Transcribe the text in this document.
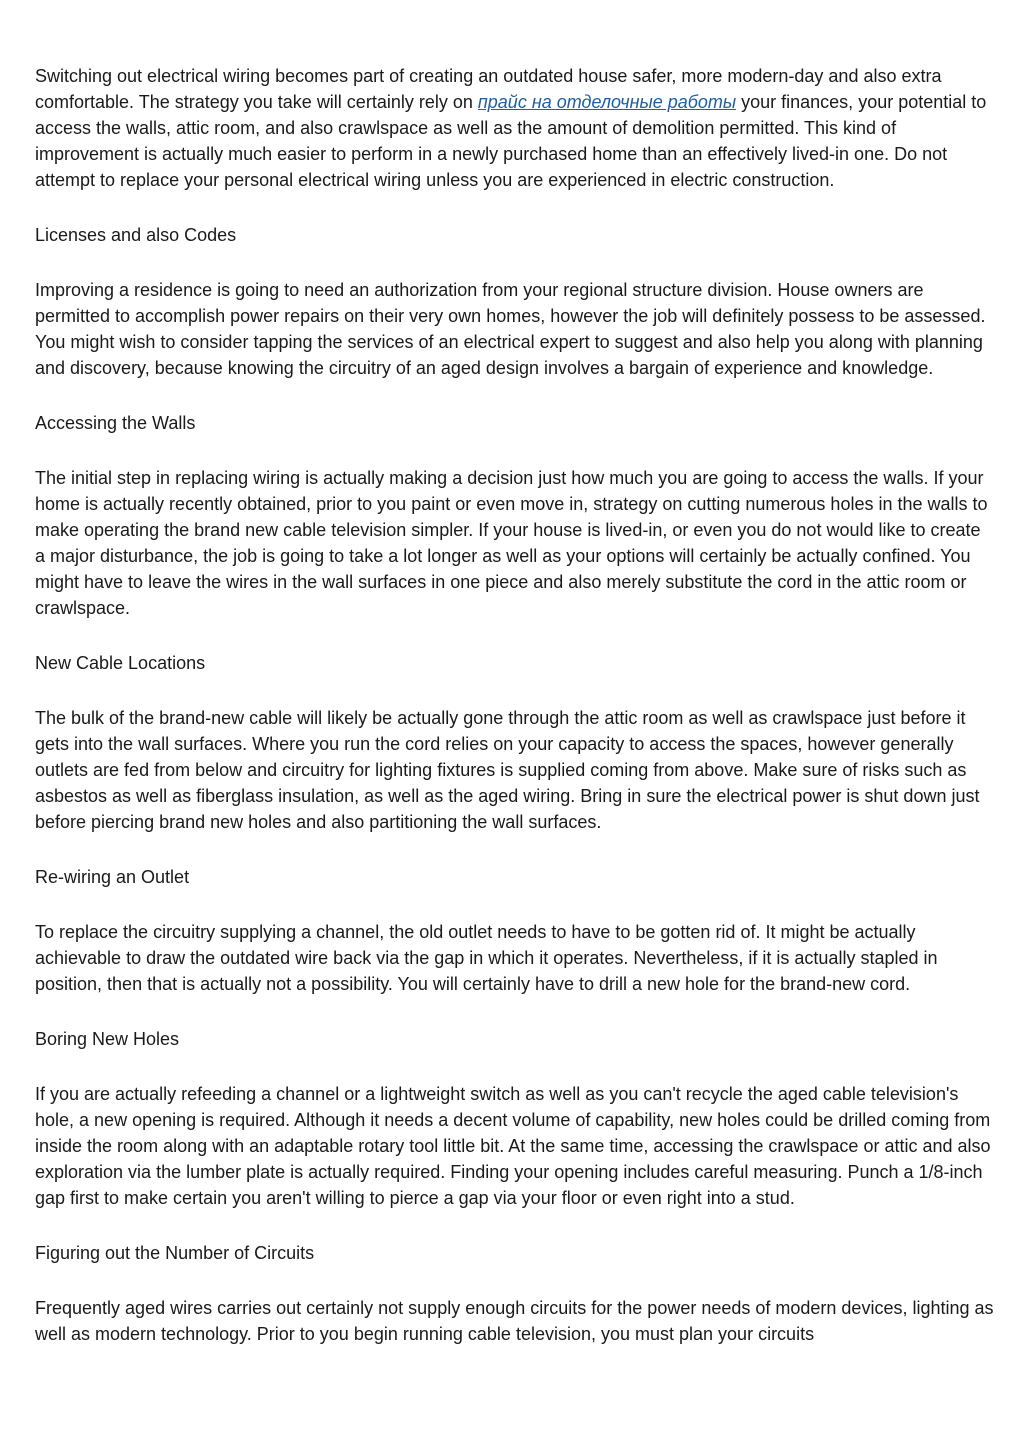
Switching out electrical wiring becomes part of creating an outdated house safer, more modern-day and also extra comfortable. The strategy you take will certainly rely on прайс на отделочные работы your finances, your potential to access the walls, attic room, and also crawlspace as well as the amount of demolition permitted. This kind of improvement is actually much easier to perform in a newly purchased home than an effectively lived-in one. Do not attempt to replace your personal electrical wiring unless you are experienced in electric construction.

Licenses and also Codes

Improving a residence is going to need an authorization from your regional structure division. House owners are permitted to accomplish power repairs on their very own homes, however the job will definitely possess to be assessed. You might wish to consider tapping the services of an electrical expert to suggest and also help you along with planning and discovery, because knowing the circuitry of an aged design involves a bargain of experience and knowledge.

Accessing the Walls

The initial step in replacing wiring is actually making a decision just how much you are going to access the walls. If your home is actually recently obtained, prior to you paint or even move in, strategy on cutting numerous holes in the walls to make operating the brand new cable television simpler. If your house is lived-in, or even you do not would like to create a major disturbance, the job is going to take a lot longer as well as your options will certainly be actually confined. You might have to leave the wires in the wall surfaces in one piece and also merely substitute the cord in the attic room or crawlspace.

New Cable Locations

The bulk of the brand-new cable will likely be actually gone through the attic room as well as crawlspace just before it gets into the wall surfaces. Where you run the cord relies on your capacity to access the spaces, however generally outlets are fed from below and circuitry for lighting fixtures is supplied coming from above. Make sure of risks such as asbestos as well as fiberglass insulation, as well as the aged wiring. Bring in sure the electrical power is shut down just before piercing brand new holes and also partitioning the wall surfaces.

Re-wiring an Outlet

To replace the circuitry supplying a channel, the old outlet needs to have to be gotten rid of. It might be actually achievable to draw the outdated wire back via the gap in which it operates. Nevertheless, if it is actually stapled in position, then that is actually not a possibility. You will certainly have to drill a new hole for the brand-new cord.

Boring New Holes

If you are actually refeeding a channel or a lightweight switch as well as you can't recycle the aged cable television's hole, a new opening is required. Although it needs a decent volume of capability, new holes could be drilled coming from inside the room along with an adaptable rotary tool little bit. At the same time, accessing the crawlspace or attic and also exploration via the lumber plate is actually required. Finding your opening includes careful measuring. Punch a 1/8-inch gap first to make certain you aren't willing to pierce a gap via your floor or even right into a stud.

Figuring out the Number of Circuits

Frequently aged wires carries out certainly not supply enough circuits for the power needs of modern devices, lighting as well as modern technology. Prior to you begin running cable television, you must plan your circuits
